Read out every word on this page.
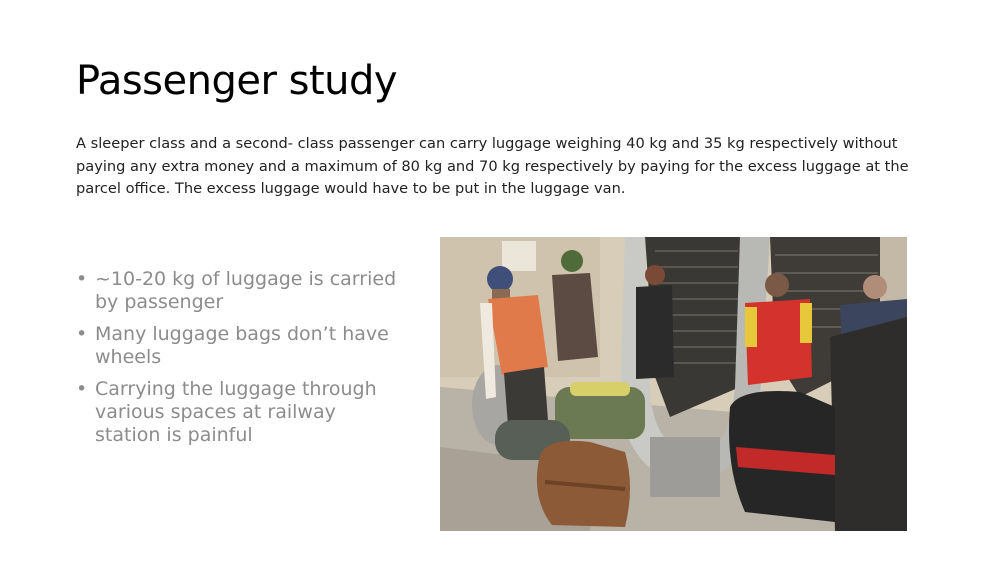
Passenger study
A sleeper class and a second- class passenger can carry luggage weighing 40 kg and 35 kg respectively without paying any extra money and a maximum of 80 kg and 70 kg respectively by paying for the excess luggage at the parcel office. The excess luggage would have to be put in the luggage van.
• ~10-20 kg of luggage is carried by passenger
• Many luggage bags don’t have wheels
• Carrying the luggage through various spaces at railway station is painful
